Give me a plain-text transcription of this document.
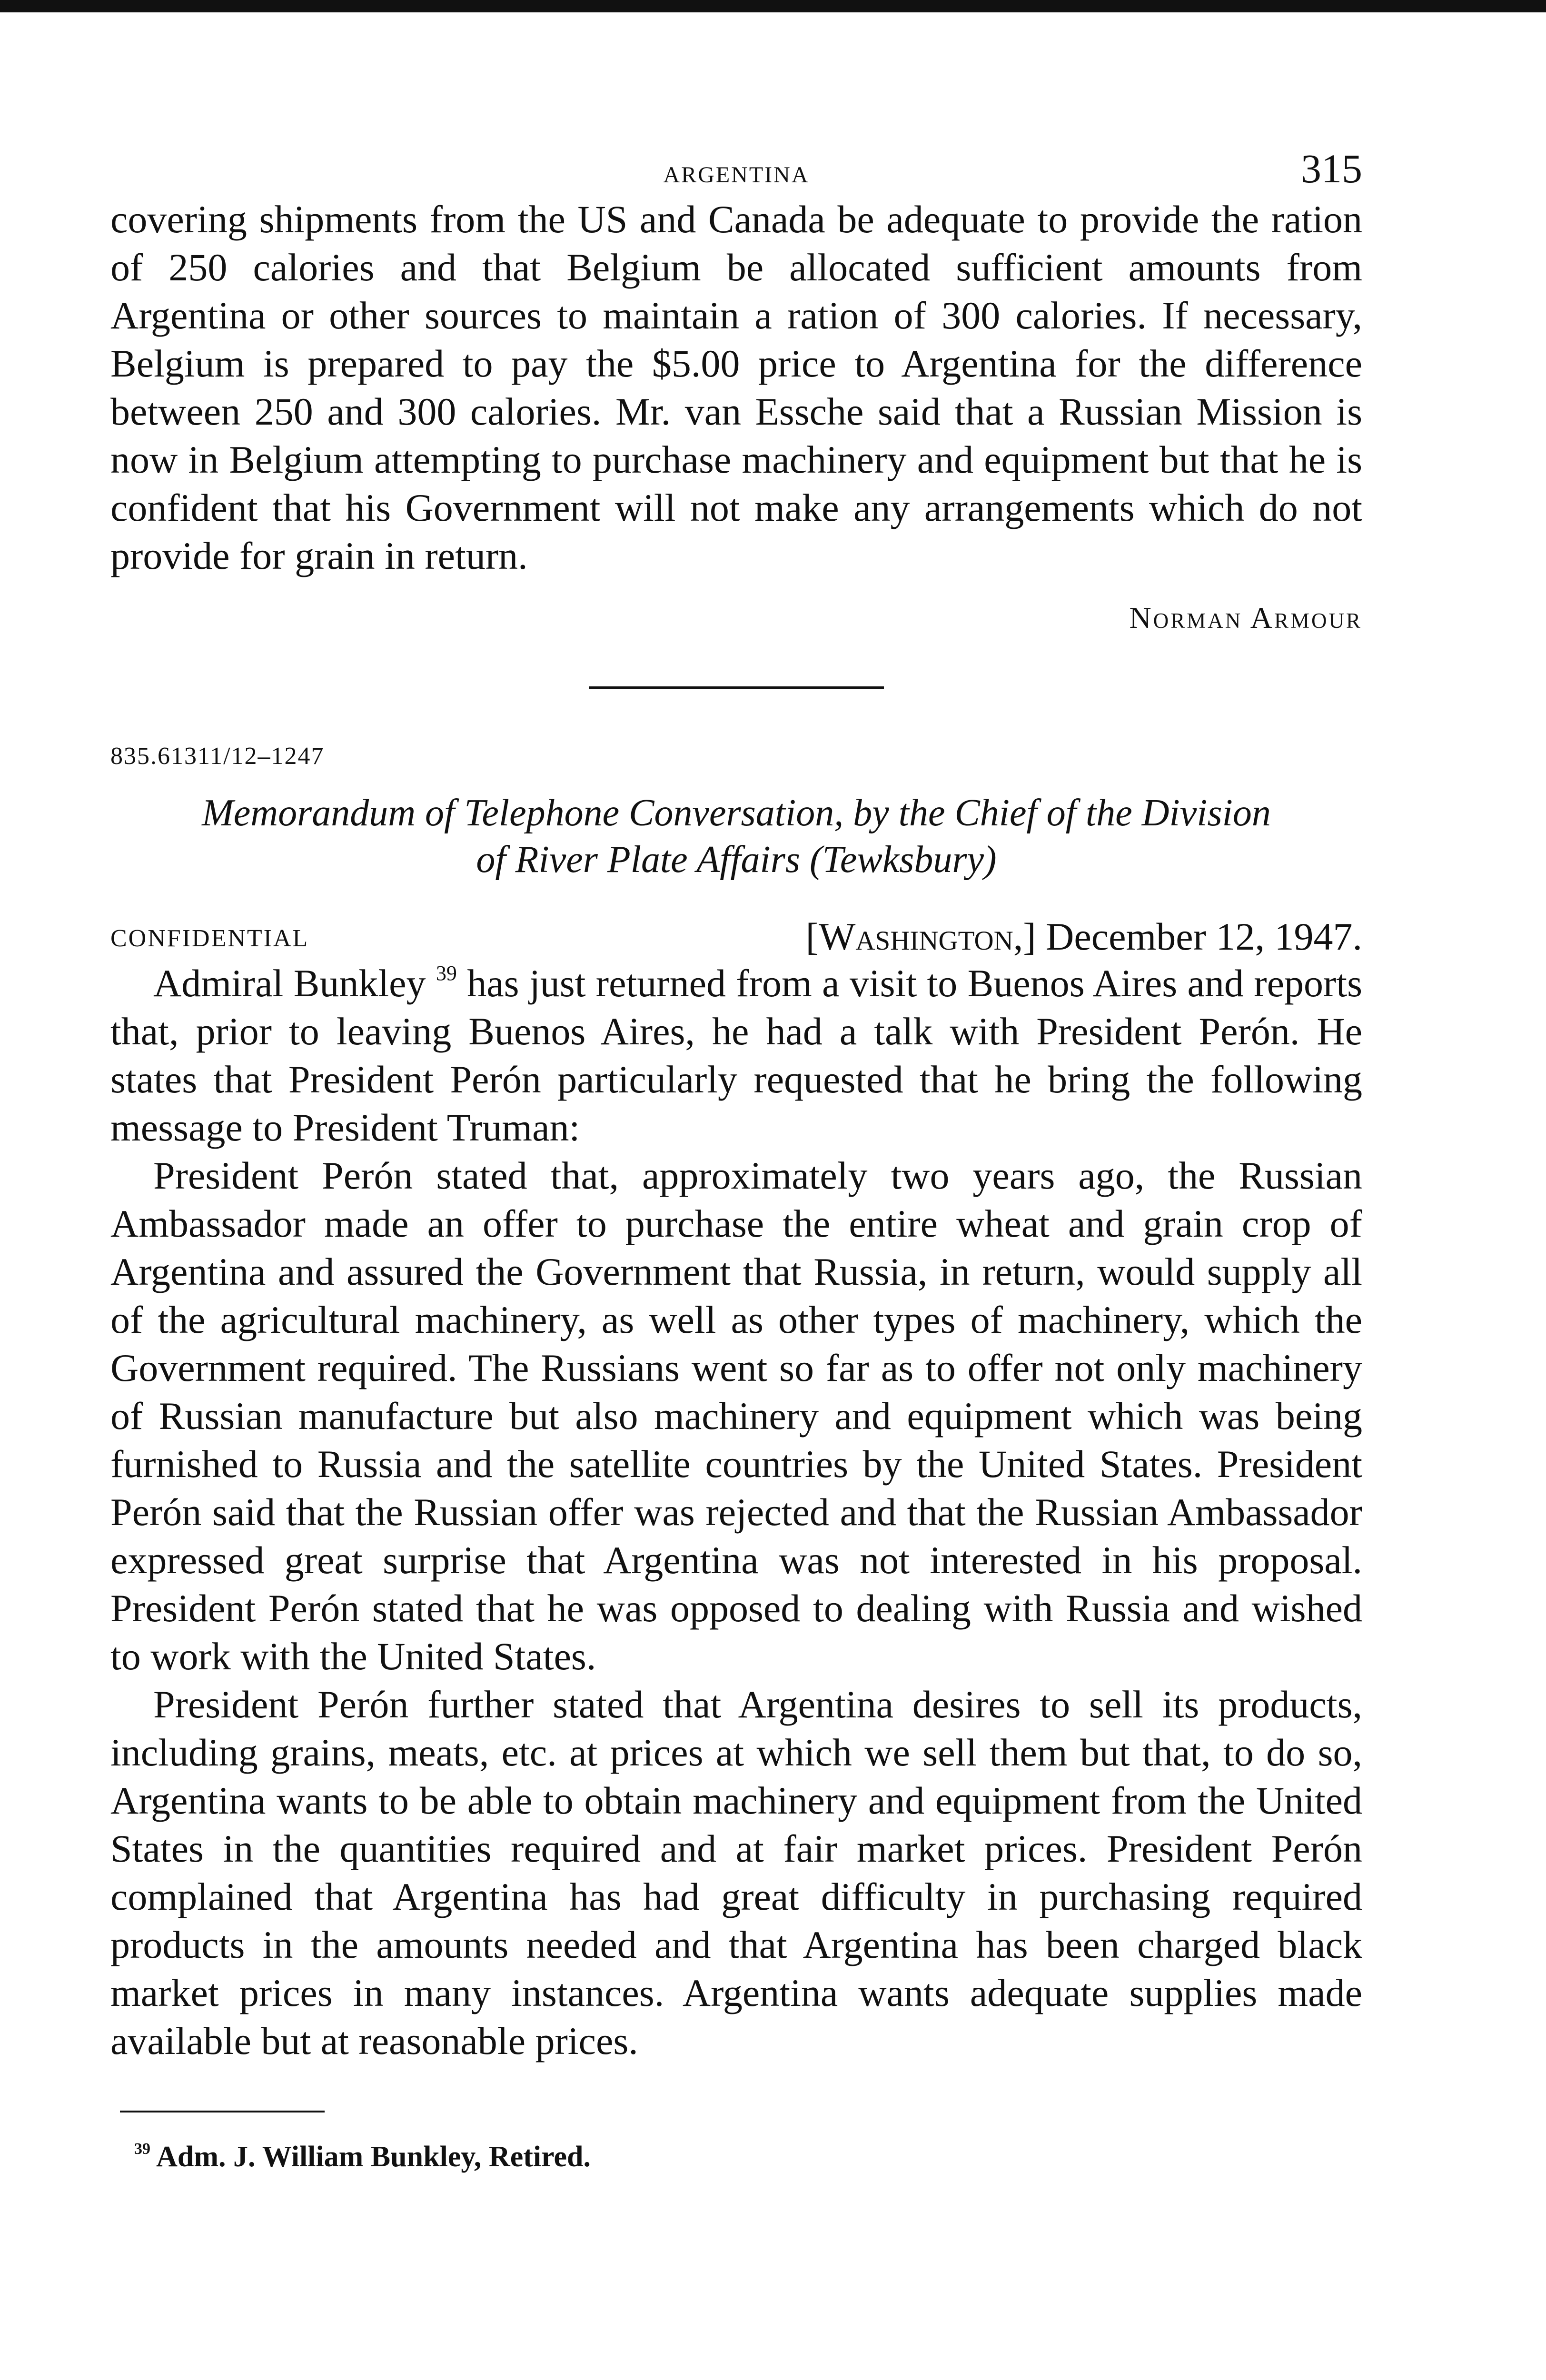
ARGENTINA	315

covering shipments from the US and Canada be adequate to provide the ration of 250 calories and that Belgium be allocated sufficient amounts from Argentina or other sources to maintain a ration of 300 calories. If necessary, Belgium is prepared to pay the $5.00 price to Argentina for the difference between 250 and 300 calories. Mr. van Essche said that a Russian Mission is now in Belgium attempting to purchase machinery and equipment but that he is confident that his Government will not make any arrangements which do not provide for grain in return.

Norman Armour
835.61311/12–1247
Memorandum of Telephone Conversation, by the Chief of the Division
of River Plate Affairs (Tewksbury)
CONFIDENTIAL	[Washington,] December 12, 1947.

Admiral Bunkley $^{39}$ has just returned from a visit to Buenos Aires and reports that, prior to leaving Buenos Aires, he had a talk with President Perón. He states that President Perón particularly requested that he bring the following message to President Truman:

President Perón stated that, approximately two years ago, the Russian Ambassador made an offer to purchase the entire wheat and grain crop of Argentina and assured the Government that Russia, in return, would supply all of the agricultural machinery, as well as other types of machinery, which the Government required. The Russians went so far as to offer not only machinery of Russian manufacture but also machinery and equipment which was being furnished to Russia and the satellite countries by the United States. President Perón said that the Russian offer was rejected and that the Russian Ambassador expressed great surprise that Argentina was not interested in his proposal. President Perón stated that he was opposed to dealing with Russia and wished to work with the United States.

President Perón further stated that Argentina desires to sell its products, including grains, meats, etc. at prices at which we sell them but that, to do so, Argentina wants to be able to obtain machinery and equipment from the United States in the quantities required and at fair market prices. President Perón complained that Argentina has had great difficulty in purchasing required products in the amounts needed and that Argentina has been charged black market prices in many instances. Argentina wants adequate supplies made available but at reasonable prices.

$^{39}$ Adm. J. William Bunkley, Retired.
